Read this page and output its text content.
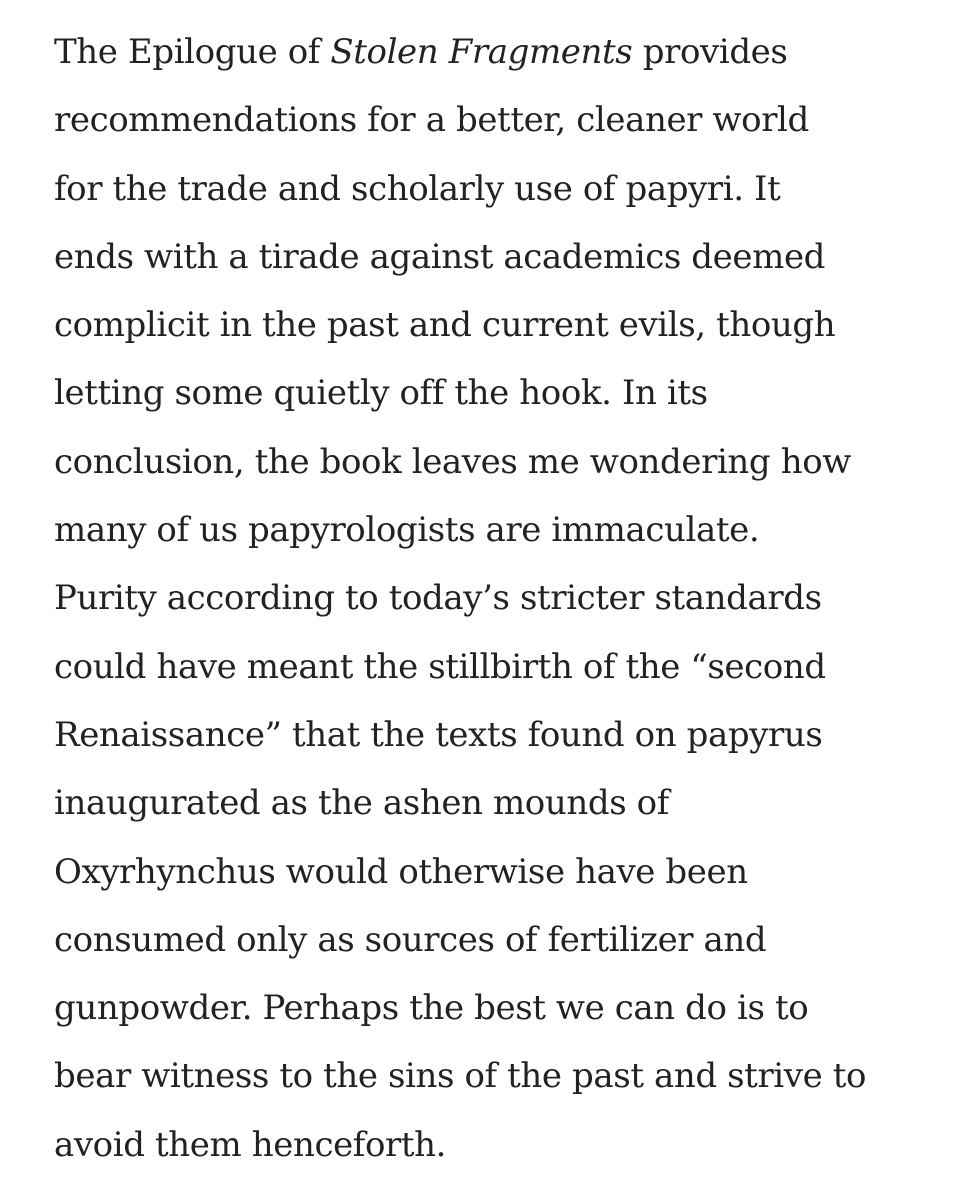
The Epilogue of Stolen Fragments provides
recommendations for a better, cleaner world
for the trade and scholarly use of papyri. It
ends with a tirade against academics deemed
complicit in the past and current evils, though
letting some quietly off the hook. In its
conclusion, the book leaves me wondering how
many of us papyrologists are immaculate.
Purity according to today’s stricter standards
could have meant the stillbirth of the “second
Renaissance” that the texts found on papyrus
inaugurated as the ashen mounds of
Oxyrhynchus would otherwise have been
consumed only as sources of fertilizer and
gunpowder. Perhaps the best we can do is to
bear witness to the sins of the past and strive to
avoid them henceforth.
